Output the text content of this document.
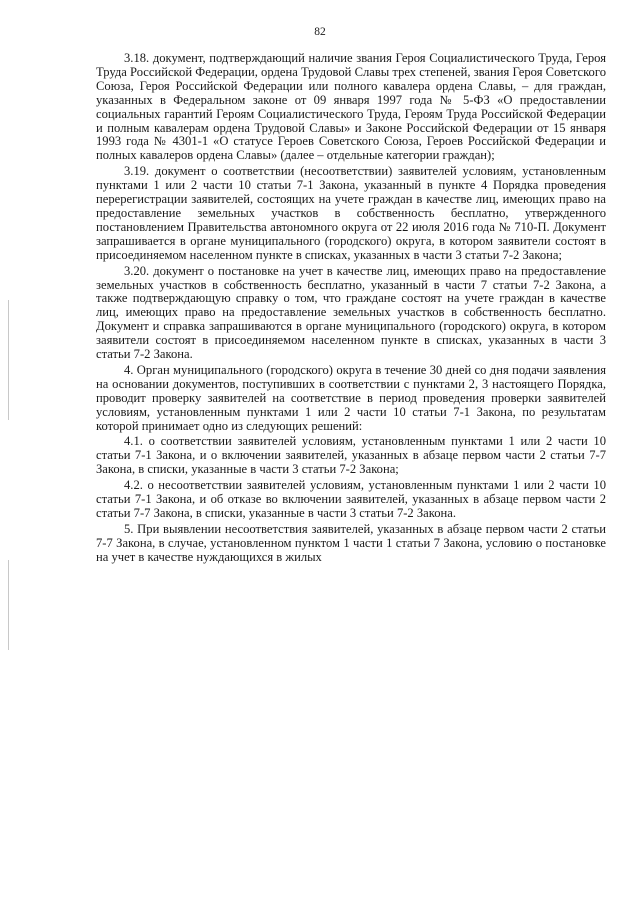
82

3.18. документ, подтверждающий наличие звания Героя Социалистического Труда, Героя Труда Российской Федерации, ордена Трудовой Славы трех степеней, звания Героя Советского Союза, Героя Российской Федерации или полного кавалера ордена Славы, – для граждан, указанных в Федеральном законе от 09 января 1997 года № 5-ФЗ «О предоставлении социальных гарантий Героям Социалистического Труда, Героям Труда Российской Федерации и полным кавалерам ордена Трудовой Славы» и Законе Российской Федерации от 15 января 1993 года № 4301-1 «О статусе Героев Советского Союза, Героев Российской Федерации и полных кавалеров ордена Славы» (далее – отдельные категории граждан);

3.19. документ о соответствии (несоответствии) заявителей условиям, установленным пунктами 1 или 2 части 10 статьи 7-1 Закона, указанный в пункте 4 Порядка проведения перерегистрации заявителей, состоящих на учете граждан в качестве лиц, имеющих право на предоставление земельных участков в собственность бесплатно, утвержденного постановлением Правительства автономного округа от 22 июля 2016 года № 710-П. Документ запрашивается в органе муниципального (городского) округа, в котором заявители состоят в присоединяемом населенном пункте в списках, указанных в части 3 статьи 7-2 Закона;

3.20. документ о постановке на учет в качестве лиц, имеющих право на предоставление земельных участков в собственность бесплатно, указанный в части 7 статьи 7-2 Закона, а также подтверждающую справку о том, что граждане состоят на учете граждан в качестве лиц, имеющих право на предоставление земельных участков в собственность бесплатно. Документ и справка запрашиваются в органе муниципального (городского) округа, в котором заявители состоят в присоединяемом населенном пункте в списках, указанных в части 3 статьи 7-2 Закона.

4. Орган муниципального (городского) округа в течение 30 дней со дня подачи заявления на основании документов, поступивших в соответствии с пунктами 2, 3 настоящего Порядка, проводит проверку заявителей на соответствие в период проведения проверки заявителей условиям, установленным пунктами 1 или 2 части 10 статьи 7-1 Закона, по результатам которой принимает одно из следующих решений:

4.1. о соответствии заявителей условиям, установленным пунктами 1 или 2 части 10 статьи 7-1 Закона, и о включении заявителей, указанных в абзаце первом части 2 статьи 7-7 Закона, в списки, указанные в части 3 статьи 7-2 Закона;

4.2. о несоответствии заявителей условиям, установленным пунктами 1 или 2 части 10 статьи 7-1 Закона, и об отказе во включении заявителей, указанных в абзаце первом части 2 статьи 7-7 Закона, в списки, указанные в части 3 статьи 7-2 Закона.

5. При выявлении несоответствия заявителей, указанных в абзаце первом части 2 статьи 7-7 Закона, в случае, установленном пунктом 1 части 1 статьи 7 Закона, условию о постановке на учет в качестве нуждающихся в жилых
